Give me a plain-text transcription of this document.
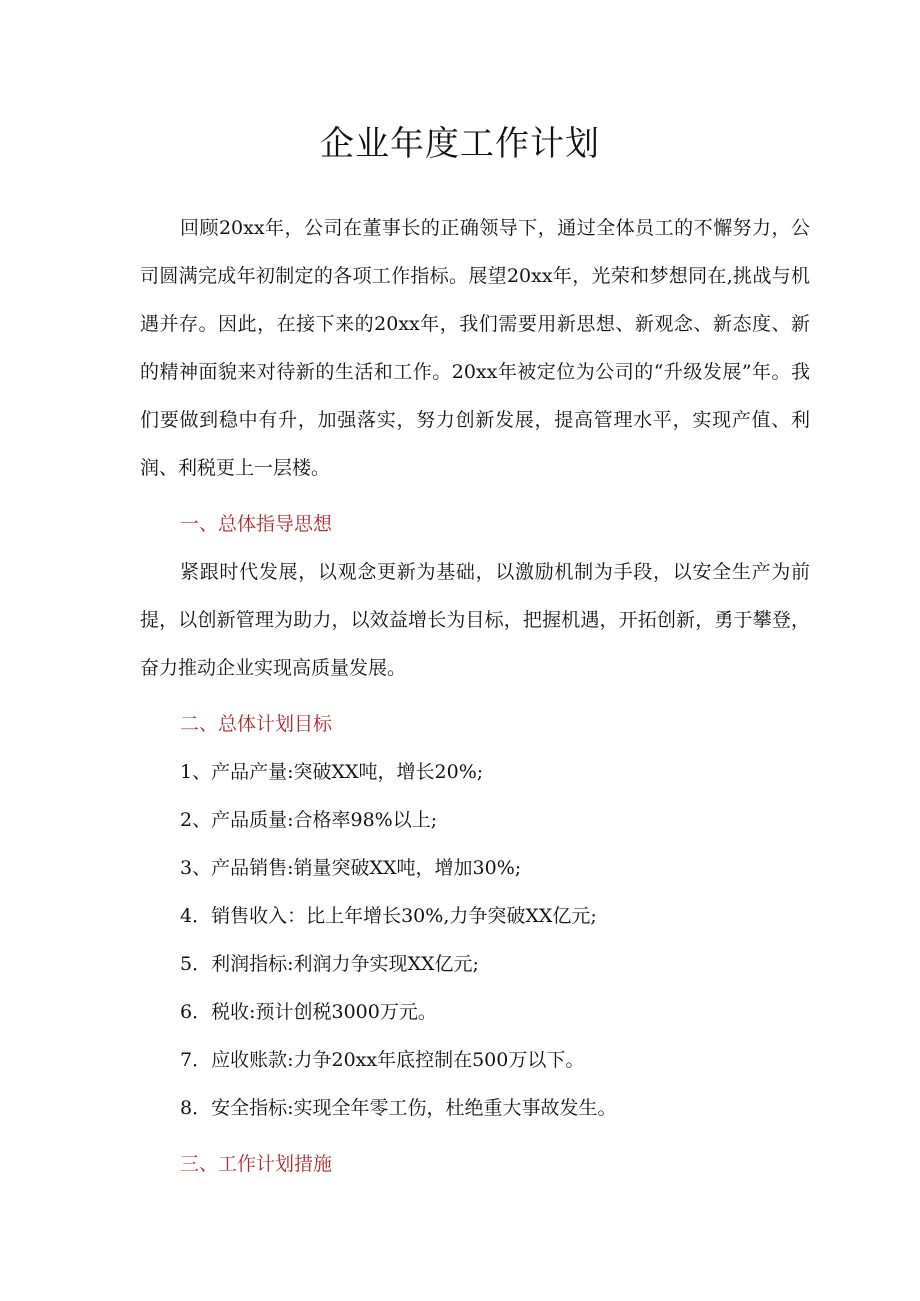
企业年度工作计划

回顾20xx年，公司在董事长的正确领导下，通过全体员工的不懈努力，公司圆满完成年初制定的各项工作指标。展望20xx年，光荣和梦想同在,挑战与机遇并存。因此，在接下来的20xx年，我们需要用新思想、新观念、新态度、新的精神面貌来对待新的生活和工作。20xx年被定位为公司的“升级发展”年。我们要做到稳中有升，加强落实，努力创新发展，提高管理水平，实现产值、利润、利税更上一层楼。

一、总体指导思想

紧跟时代发展，以观念更新为基础，以激励机制为手段，以安全生产为前提，以创新管理为助力，以效益增长为目标，把握机遇，开拓创新，勇于攀登，奋力推动企业实现高质量发展。

二、总体计划目标
1、产品产量:突破XX吨，增长20%;
2、产品质量:合格率98%以上;
3、产品销售:销量突破XX吨，增加30%;
4．销售收入：比上年增长30%,力争突破XX亿元;
5．利润指标:利润力争实现XX亿元;
6．税收:预计创税3000万元。
7．应收账款:力争20xx年底控制在500万以下。
8．安全指标:实现全年零工伤，杜绝重大事故发生。
三、工作计划措施
